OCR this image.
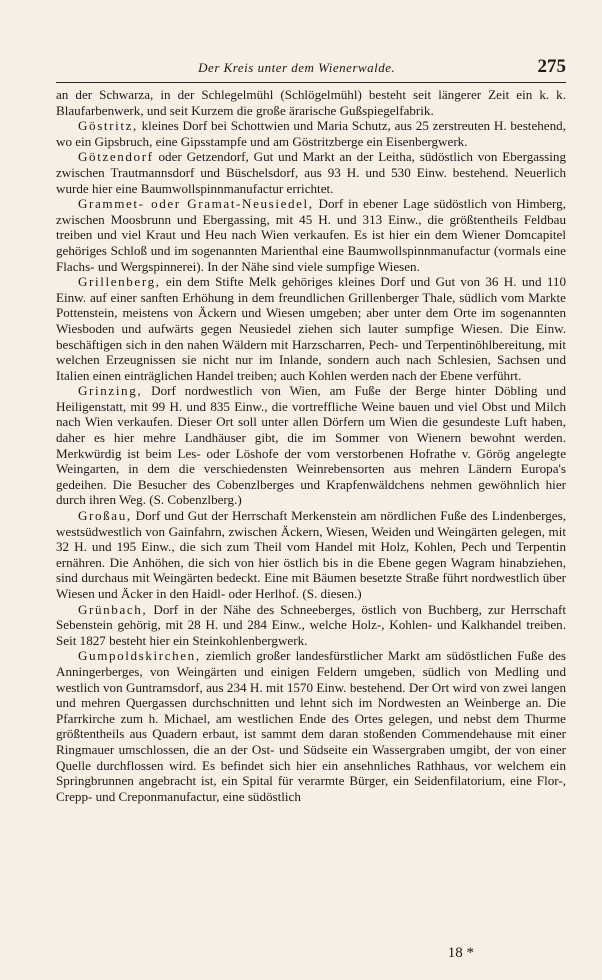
Der Kreis unter dem Wienerwalde.	275

an der Schwarza, in der Schlegelmühl (Schlögelmühl) besteht seit längerer Zeit ein k. k. Blaufarbenwerk, und seit Kurzem die große ärarische Gußspiegelfabrik.

Göstritz, kleines Dorf bei Schottwien und Maria Schutz, aus 25 zerstreuten H. bestehend, wo ein Gipsbruch, eine Gipsstampfe und am Göstritzberge ein Eisenbergwerk.

Götzendorf oder Getzendorf, Gut und Markt an der Leitha, südöstlich von Ebergassing zwischen Trautmannsdorf und Büschelsdorf, aus 93 H. und 530 Einw. bestehend. Neuerlich wurde hier eine Baumwollspinnmanufactur errichtet.

Grammet- oder Gramat-Neusiedel, Dorf in ebener Lage südöstlich von Himberg, zwischen Moosbrunn und Ebergassing, mit 45 H. und 313 Einw., die größtentheils Feldbau treiben und viel Kraut und Heu nach Wien verkaufen. Es ist hier ein dem Wiener Domcapitel gehöriges Schloß und im sogenannten Marienthal eine Baumwollspinnmanufactur (vormals eine Flachs- und Wergspinnerei). In der Nähe sind viele sumpfige Wiesen.

Grillenberg, ein dem Stifte Melk gehöriges kleines Dorf und Gut von 36 H. und 110 Einw. auf einer sanften Erhöhung in dem freundlichen Grillenberger Thale, südlich vom Markte Pottenstein, meistens von Äckern und Wiesen umgeben; aber unter dem Orte im sogenannten Wiesboden und aufwärts gegen Neusiedel ziehen sich lauter sumpfige Wiesen. Die Einw. beschäftigen sich in den nahen Wäldern mit Harzscharren, Pech- und Terpentinöhlbereitung, mit welchen Erzeugnissen sie nicht nur im Inlande, sondern auch nach Schlesien, Sachsen und Italien einen einträglichen Handel treiben; auch Kohlen werden nach der Ebene verführt.

Grinzing, Dorf nordwestlich von Wien, am Fuße der Berge hinter Döbling und Heiligenstatt, mit 99 H. und 835 Einw., die vortreffliche Weine bauen und viel Obst und Milch nach Wien verkaufen. Dieser Ort soll unter allen Dörfern um Wien die gesundeste Luft haben, daher es hier mehre Landhäuser gibt, die im Sommer von Wienern bewohnt werden. Merkwürdig ist beim Les- oder Löshofe der vom verstorbenen Hofrathe v. Görög angelegte Weingarten, in dem die verschiedensten Weinrebensorten aus mehren Ländern Europa's gedeihen. Die Besucher des Cobenzlberges und Krapfenwäldchens nehmen gewöhnlich hier durch ihren Weg. (S. Cobenzlberg.)

Großau, Dorf und Gut der Herrschaft Merkenstein am nördlichen Fuße des Lindenberges, westsüdwestlich von Gainfahrn, zwischen Äckern, Wiesen, Weiden und Weingärten gelegen, mit 32 H. und 195 Einw., die sich zum Theil vom Handel mit Holz, Kohlen, Pech und Terpentin ernähren. Die Anhöhen, die sich von hier östlich bis in die Ebene gegen Wagram hinabziehen, sind durchaus mit Weingärten bedeckt. Eine mit Bäumen besetzte Straße führt nordwestlich über Wiesen und Äcker in den Haidl- oder Herlhof. (S. diesen.)

Grünbach, Dorf in der Nähe des Schneeberges, östlich von Buchberg, zur Herrschaft Sebenstein gehörig, mit 28 H. und 284 Einw., welche Holz-, Kohlen- und Kalkhandel treiben. Seit 1827 besteht hier ein Steinkohlenbergwerk.

Gumpoldskirchen, ziemlich großer landesfürstlicher Markt am südöstlichen Fuße des Anningerberges, von Weingärten und einigen Feldern umgeben, südlich von Medling und westlich von Guntramsdorf, aus 234 H. mit 1570 Einw. bestehend. Der Ort wird von zwei langen und mehren Quergassen durchschnitten und lehnt sich im Nordwesten an Weinberge an. Die Pfarrkirche zum h. Michael, am westlichen Ende des Ortes gelegen, und nebst dem Thurme größtentheils aus Quadern erbaut, ist sammt dem daran stoßenden Commendehause mit einer Ringmauer umschlossen, die an der Ost- und Südseite ein Wassergraben umgibt, der von einer Quelle durchflossen wird. Es befindet sich hier ein ansehnliches Rathhaus, vor welchem ein Springbrunnen angebracht ist, ein Spital für verarmte Bürger, ein Seidenfilatorium, eine Flor-, Crepp- und Creponmanufactur, eine südöstlich

18 *
